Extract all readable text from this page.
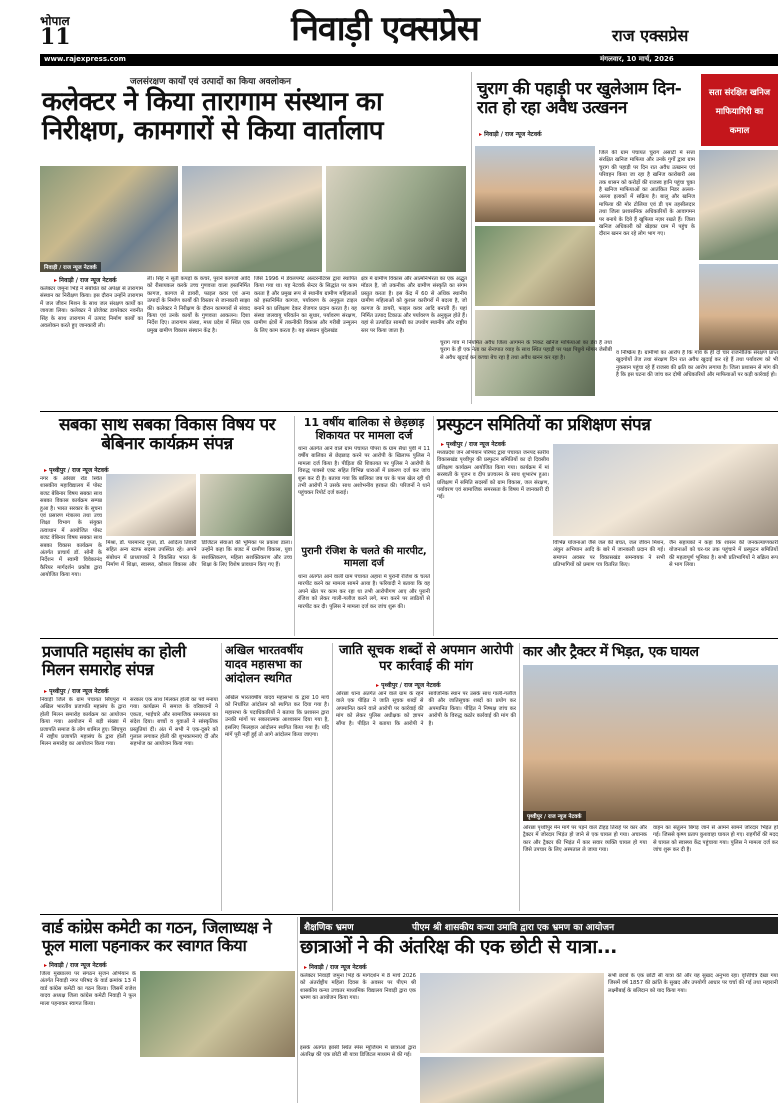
भोपाल
11	निवाड़ी एक्सप्रेस	राज एक्सप्रेस
www.rajexpress.com	मंगलवार, 10 मार्च, 2026
जलसंरक्षण कार्यों एवं उत्पादों का किया अवलोकन
कलेक्टर ने किया तारागाम संस्थान का निरीक्षण, कामगारों से किया वार्तालाप
निवाड़ी / राज न्यूज नेटवर्क
▸ निवाड़ी / राज न्यूज नेटवर्क
कलेक्टर जमुना भिड़े ने संबंधित को अपेक्षा से तारागाम संस्थान का निरीक्षण किया। इस दौरान उन्होंने तारागाम में जल जीवन मिशन के साथ जल संरक्षण कार्यों का जायजा लिया। कलेक्टर ने प्रोजेक्ट डायरेक्टर नवनीत सिंह के साथ तारागाम में उत्पाद निर्माण कार्यों का अवलोकन करते हुए जानकारी ली।
ली। सिंह ने सूती कपड़ों के कचरे, पुराने कागजों आदि को रीसायकल करके उच्च गुणवत्ता वाला हस्तनिर्मित कागज, कागज से डायरी, फाइल कवर एवं अन्य उत्पादों के निर्माण कार्यों की विस्तार से जानकारी साझा की। कलेक्टर ने निरीक्षण के दौरान कामगारों से संवाद किया एवं उनके कार्यों के गुणवत्ता आकलन। दिशा निर्देश दिए। तारागाम संस्था, मध्य प्रदेश में स्थित एक प्रमुख ग्रामीण विकास संस्थान केंद्र है।
जिसे 1996 में डेवलपमेंट अल्टरनेटिव्स द्वारा स्थापित किया गया था। यह नेटवर्क सेन्टर के सिद्धांत पर काम करता है और प्रमुख रूप से स्थानीय ग्रामीण महिलाओं को हस्तनिर्मित कागज, पर्यावरण के अनुकूल टाइल बनाने का प्रशिक्षण देकर रोजगार प्रदान करता है। यह संस्था जलवायु परिवर्तन का सुधार, पर्यावरण संरक्षण, ग्रामीण क्षेत्रों में तकनीकी विकास और गरीबी उन्मूलन के लिए काम करता है। यह संस्थान बुंदेलखंड
क्षेत्र में ग्रामीण विकास और आत्मनिर्भरता का एक अद्भुत मॉडल है, जो तकनीक और ग्रामीण संस्कृति का संगम प्रस्तुत करता है। इस केंद्र में 60 से अधिक स्थानीय ग्रामीण महिलाओं को कुशल कारीगरों में बदला है, जो कागज के डायरी, फाइल कवर आदि बनाती हैं। यहां निर्मित उत्पाद टिकाऊ और पर्यावरण के अनुकूल होते हैं। यहां से उत्पादित सामग्री का उपयोग स्थानीय और राष्ट्रीय स्तर पर किया जाता है।
चुराग की पहाड़ी पर खुलेआम दिन-रात हो रहा अवैध उत्खनन
सता संरक्षित खनिज माफियागिरी का कमाल
▸ निवाड़ी / राज न्यूज नेटवर्क
जिले की ग्राम पंचायत चुराग असाटी में सत्ता संरक्षित खनिज माफिया और उनके गुर्गों द्वारा ग्राम चुराग की पहाड़ी पर दिन रात अवैध उत्खनन एवं परिवहन किया जा रहा है खनिज कारोबारी अब तक शासन को करोड़ों की राजस्व हानि पहुंचा चुका है खनिज माफियाओं का आतंकित निडर अल्ला-अल्ला इलाकों में सक्रिय है। बालू और खनिज माफिया की मोर टोलिया एवं डी एम तहसीलदार तथा जिला प्रशासनिक अधिकारियों के आवागमन पर बनाये के दिये हैं खुफिया नज़र रखते हैं। जिला खनिज अधिकारी को खेड़का ग्राम में पहुंच के दौरान खनन कर रहे लोग भाग गए।
चुराग गांव में नियमित अवैध जिला आगमन के निकट खनिज माफियाओं का डेरा है तथा चुराग के ही एक नेता का सेनापात व्याह के साथ स्थित पहाड़ी पर पक्षा पिछुये मोगल जेसीबी से अवैध खुदाई कर कच्चा बेच रहा है तथा अवैध खनन कर रहा है।
व निष्क्रिय है। ग्रामीणों का आरोप है कि गांव के ही दो चार राजनीतिक संरक्षण प्राप्त खुदगोयों तेज तथा संरक्षण दिन रात अवैध खुदाई कर रहे हैं तथा पर्यावरण को भी नुकसान पहुंचा रहे हैं राजस्व की क्षति का आरोप लगाया है। जिला प्रशासन से मांग की है कि इस घटना की जांच कर दोषी अधिकारियों और माफियाओं पर कड़ी कार्रवाई हो।
सबका साथ सबका विकास विषय पर बेबिनार कार्यक्रम संपन्न
▸ पृथ्वीपुर / राज न्यूज नेटवर्क
नगर के ओरछा रोड स्थित शासकीय महाविद्यालय में पोस्ट बजट बेबिनार विषय सबका साथ सबका विकास कार्यक्रम सम्पन्न हुआ है। भारत सरकार के सूचना एवं प्रसारण मंत्रालय तथा उच्च शिक्षा विभाग के संयुक्त तत्वाधान में आयोजित पोस्ट बजट वेबिनार विषय सबका साथ सबका विकास कार्यक्रम के अंतर्गत प्राचार्य डॉ. सोनी के निर्देशन में स्वामी विवेकानंद कैरियर मार्गदर्शन प्रकोष्ठ द्वारा आयोजित किया गया।
मिश्रा, डॉ. पारमानंद गुप्ता, डॉ. आदित्य तिवारी सहित अन्य स्टाफ सदस्य उपस्थित रहे। अपने संबोधन में प्राध्यापकों ने विकसित भारत के निर्माण में शिक्षा, स्वास्थ्य, कौशल विकास और डिजिटल सेवाओं की भूमिका पर प्रकाश डाला। उन्होंने कहा कि बजट में ग्रामीण विकास, युवा सशक्तिकरण, महिला सशक्तिकरण और उच्च शिक्षा के लिए विशेष प्रावधान किए गए हैं।
11 वर्षीय बालिका से छेड़छाड़ शिकायत पर मामला दर्ज
थाना अंतर्गत आने वाले ग्राम पंचायत पीपरा के ग्राम सैंधा पुर्वी में 11 वर्षीय बालिका से छेड़छाड़ करने पर आरोपी के खिलाफ पुलिस ने मामला दर्ज किया है। पीड़िता की शिकायत पर पुलिस ने आरोपी के विरुद्ध पाक्सो एक्ट सहित विभिन्न धाराओं में प्रकरण दर्ज कर जांच शुरू कर दी है। बताया गया कि बालिका जब घर के पास खेल रही थी तभी आरोपी ने उसके साथ अशोभनीय हरकत की। परिजनों ने थाने पहुंचकर रिपोर्ट दर्ज कराई।
पुरानी रंजिश के चलते की मारपीट, मामला दर्ज
थाना अंतर्गत आने वाली ग्राम पंचायत अहारा में पुरानी रंजिश के चलते मारपीट करने का मामला सामने आया है। फरियादी ने बताया कि वह अपने खेत पर काम कर रहा था तभी आरोपीगण आए और पुरानी रंजिश को लेकर गाली-गलौज करने लगे, मना करने पर लाठियों से मारपीट कर दी। पुलिस ने मामला दर्ज कर जांच शुरू की।
प्रस्फुटन समितियों का प्रशिक्षण संपन्न
▸ पृथ्वीपुर / राज न्यूज नेटवर्क
मध्यप्रदेश जन अभियान परिषद द्वारा पंचायत जनपद स्तरीय विकासखंड पृथ्वीपुर की प्रस्फुटन समितियों का दो दिवसीय प्रशिक्षण कार्यक्रम आयोजित किया गया। कार्यक्रम में मां सरस्वती के पूजन व दीप प्रज्वलन के साथ शुभारंभ हुआ। प्रशिक्षण में समिति सदस्यों को ग्राम विकास, जल संरक्षण, पर्यावरण एवं सामाजिक समरसता के विषय में जानकारी दी गई।
विभिन्न योजनाओं जैसे जल की बचत, जल जीवन मिशन, अंकुर अभियान आदि के बारे में जानकारी प्रदान की गई। समापन अवसर पर विकासखंड समन्वयक ने सभी प्रतिभागियों को प्रमाण पत्र वितरित किए।
जैन सहायकों ने कहा कि शासन की जनकल्याणकारी योजनाओं को घर-घर तक पहुंचाने में प्रस्फुटन समितियों की महत्वपूर्ण भूमिका है। सभी प्रतिभागियों ने सक्रिय रूप से भाग लिया।
प्रजापति महासंघ का होली मिलन समारोह संपन्न
▸ पृथ्वीपुर / राज न्यूज नेटवर्क
निवाड़ी जिले के ग्राम पंचायत सिंघपुरा में अखिल भारतीय प्रजापति महासंघ के द्वारा होली मिलन समारोह कार्यक्रम का आयोजन किया गया। आयोजन में बड़ी संख्या में प्रजापति समाज के लोग शामिल हुए। सिंघपुरा में राष्ट्रीय प्रजापति महासंघ के द्वारा होली मिलन समारोह का आयोजन किया गया।
सरकार एक साथ मिलकर होली का पर्व मनाया गया। कार्यक्रम में समाज के वरिष्ठजनों ने एकता, भाईचारे और सामाजिक समरसता का संदेश दिया। बच्चों व युवाओं ने सांस्कृतिक प्रस्तुतियां दीं। अंत में सभी ने एक-दूसरे को गुलाल लगाकर होली की शुभकामनाएं दीं और सहभोज का आयोजन किया गया।
अखिल भारतवर्षीय यादव महासभा का आंदोलन स्थगित
अखिल भारतवर्षीय यादव महासभा के द्वारा 10 मार्च को निर्धारित आंदोलन को स्थगित कर दिया गया है। महासभा के पदाधिकारियों ने बताया कि प्रशासन द्वारा उनकी मांगों पर सकारात्मक आश्वासन दिया गया है, इसलिए फिलहाल आंदोलन स्थगित किया गया है। यदि मांगें पूरी नहीं हुईं तो आगे आंदोलन किया जाएगा।
जाति सूचक शब्दों से अपमान आरोपी पर कार्रवाई की मांग
▸ पृथ्वीपुर / राज न्यूज नेटवर्क
ओरछा थाना अंतर्गत आने वाले ग्राम के रहने वाले एक पीड़ित ने जाति सूचक शब्दों से अपमानित करने वाले आरोपी पर कार्रवाई की मांग को लेकर पुलिस अधीक्षक को ज्ञापन सौंपा है। पीड़ित ने बताया कि आरोपी ने सार्वजनिक स्थान पर उसके साथ गाली-गलौज की और जातिसूचक शब्दों का प्रयोग कर अपमानित किया। पीड़ित ने निष्पक्ष जांच कर आरोपी के विरुद्ध कठोर कार्रवाई की मांग की है।
कार और ट्रैक्टर में भिड़त, एक घायल
पृथ्वीपुर / राज न्यूज नेटवर्क
ओरछा पृथ्वीपुर मेन मार्ग पर पड़ने वाले टीहड़ तिराहे पर कार और ट्रैक्टर में जोरदार भिड़ंत हो जाने से एक घायल हो गया। अचानक कार और ट्रैक्टर की भिड़ंत में कार सवार व्यक्ति घायल हो गया जिसे उपचार के लिए अस्पताल ले जाया गया।
वाहन का संतुलन बिगड़ जाने से आमने सामने जोरदार भिड़ंत हो गई। जिससे कृष्ण प्रताप कुशवाहा घायल हो गए। राहगीरों की मदद से घायल को स्वास्थ्य केंद्र पहुंचाया गया। पुलिस ने मामला दर्ज कर जांच शुरू कर दी है।
वार्ड कांग्रेस कमेटी का गठन, जिलाध्यक्ष ने फूल माला पहनाकर कर स्वागत किया
▸ निवाड़ी / राज न्यूज नेटवर्क
जिला मुख्यालय पर संगठन सृजन अभियान के अंतर्गत निवाड़ी नगर परिषद के वार्ड क्रमांक 13 में वार्ड कांग्रेस कमेटी का गठन किया। जिसमें राजेश यादव अध्यक्ष जिला कांग्रेस कमेटी निवाड़ी ने फूल माला पहनाकर स्वागत किया।
शैक्षणिक भ्रमण	पीएम श्री शासकीय कन्या उमावि द्वारा एक भ्रमण का आयोजन
छात्राओं ने की अंतरिक्ष की एक छोटी से यात्रा...
▸ निवाड़ी / राज न्यूज नेटवर्क
कलेक्टर निवाड़ी जमुना भिड़े के मार्गदर्शन में 8 मार्च 2026 को अंतर्राष्ट्रीय महिला दिवस के अवसर पर पीएम श्री शासकीय कन्या उच्चतर माध्यमिक विद्यालय निवाड़ी द्वारा एक भ्रमण का आयोजन किया गया।
इसके अंतर्गत झांसी स्थित स्पेस म्यूजियम में छात्राओं द्वारा अंतरिक्ष की एक छोटी सी यात्रा डिजिटल माध्यम से की गई।
सभी छात्रों के एक छोटी सी यात्रा की और यह सुखद अनुभव रहा। वृत्तिचित्र देखा गया जिसमें वर्ष 1857 की क्रांति के सुखद और उपयोगी आधार पर चर्चा की गई तथा महारानी लक्ष्मीबाई के बलिदान को याद किया गया।
